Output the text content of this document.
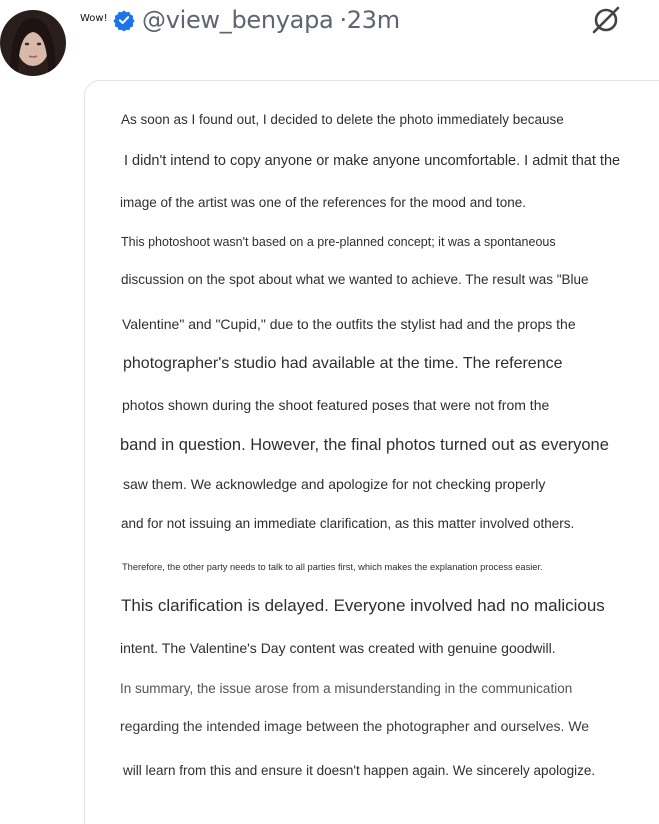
Wow! @view_benyapa ·23m
As soon as I found out, I decided to delete the photo immediately because
I didn't intend to copy anyone or make anyone uncomfortable. I admit that the
image of the artist was one of the references for the mood and tone.
This photoshoot wasn't based on a pre-planned concept; it was a spontaneous
discussion on the spot about what we wanted to achieve. The result was "Blue
Valentine" and "Cupid," due to the outfits the stylist had and the props the
photographer's studio had available at the time. The reference
photos shown during the shoot featured poses that were not from the
band in question. However, the final photos turned out as everyone
saw them. We acknowledge and apologize for not checking properly
and for not issuing an immediate clarification, as this matter involved others.
Therefore, the other party needs to talk to all parties first, which makes the explanation process easier.
This clarification is delayed. Everyone involved had no malicious
intent. The Valentine's Day content was created with genuine goodwill.
In summary, the issue arose from a misunderstanding in the communication
regarding the intended image between the photographer and ourselves. We
will learn from this and ensure it doesn't happen again. We sincerely apologize.
